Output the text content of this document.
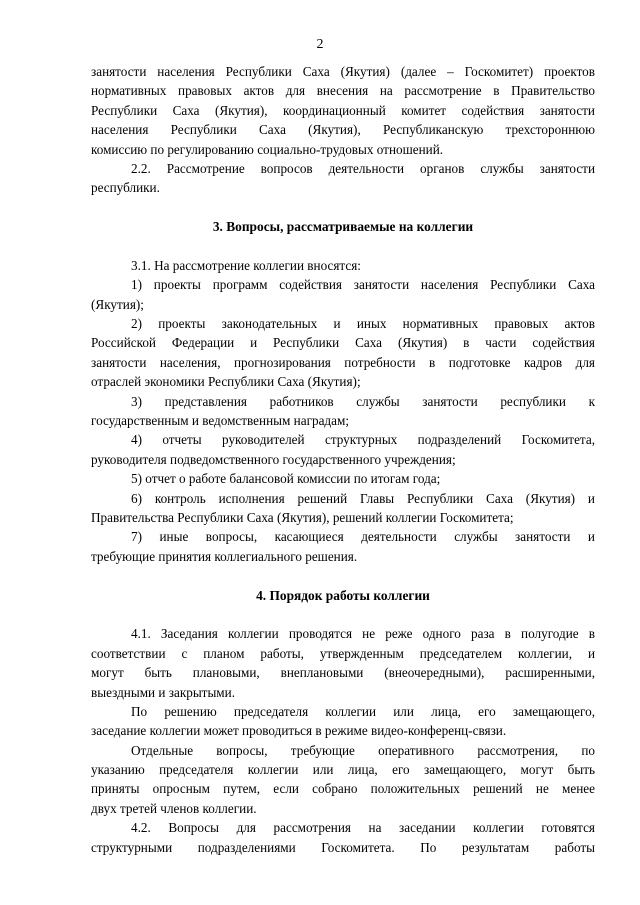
2
занятости населения Республики Саха (Якутия) (далее – Госкомитет) проектов
нормативных правовых актов для внесения на рассмотрение в Правительство
Республики Саха (Якутия), координационный комитет содействия занятости
населения Республики Саха (Якутия), Республиканскую трехстороннюю
комиссию по регулированию социально-трудовых отношений.
2.2. Рассмотрение вопросов деятельности органов службы занятости
республики.
3. Вопросы, рассматриваемые на коллегии
3.1. На рассмотрение коллегии вносятся:
1) проекты программ содействия занятости населения Республики Саха
(Якутия);
2) проекты законодательных и иных нормативных правовых актов
Российской Федерации и Республики Саха (Якутия) в части содействия
занятости населения, прогнозирования потребности в подготовке кадров для
отраслей экономики Республики Саха (Якутия);
3) представления работников службы занятости республики к
государственным и ведомственным наградам;
4) отчеты руководителей структурных подразделений Госкомитета,
руководителя подведомственного государственного учреждения;
5) отчет о работе балансовой комиссии по итогам года;
6) контроль исполнения решений Главы Республики Саха (Якутия) и
Правительства Республики Саха (Якутия), решений коллегии Госкомитета;
7) иные вопросы, касающиеся деятельности службы занятости и
требующие принятия коллегиального решения.
4. Порядок работы коллегии
4.1. Заседания коллегии проводятся не реже одного раза в полугодие в
соответствии с планом работы, утвержденным председателем коллегии, и
могут быть плановыми, внеплановыми (внеочередными), расширенными,
выездными и закрытыми.
По решению председателя коллегии или лица, его замещающего,
заседание коллегии может проводиться в режиме видео-конференц-связи.
Отдельные вопросы, требующие оперативного рассмотрения, по
указанию председателя коллегии или лица, его замещающего, могут быть
приняты опросным путем, если собрано положительных решений не менее
двух третей членов коллегии.
4.2. Вопросы для рассмотрения на заседании коллегии готовятся
структурными подразделениями Госкомитета. По результатам работы
